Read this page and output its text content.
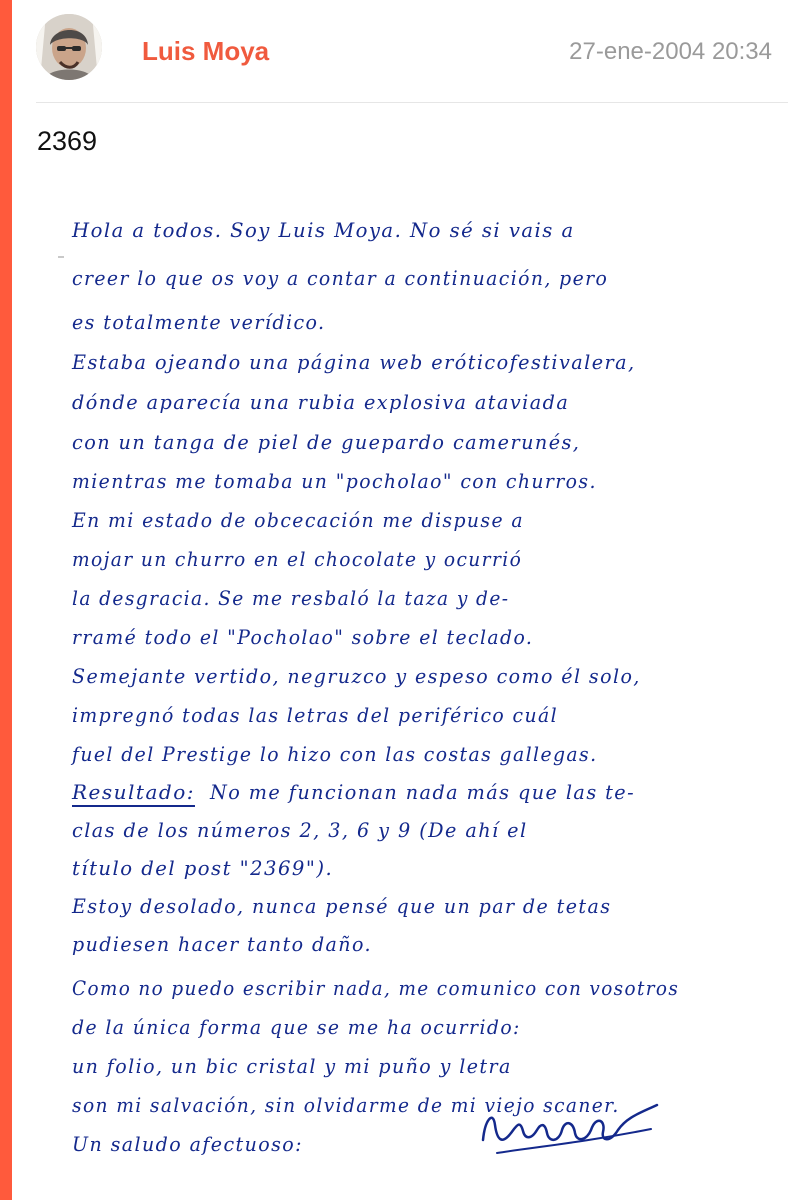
Luis Moya	27-ene-2004 20:34
2369
Hola a todos. Soy Luis Moya. No sé si vais a
creer lo que os voy a contar a continuación, pero
es totalmente verídico.
Estaba ojeando una página web eróticofestivalera,
dónde aparecía una rubia explosiva ataviada
con un tanga de piel de guepardo camerunés,
mientras me tomaba un "pocholao" con churros.
En mi estado de obcecación me dispuse a
mojar un churro en el chocolate y ocurrió
la desgracia. Se me resbaló la taza y de-
rramé todo el "Pocholao" sobre el teclado.
Semejante vertido, negruzco y espeso como él solo,
impregnó todas las letras del periférico cuál
fuel del Prestige lo hizo con las costas gallegas.
Resultado: No me funcionan nada más que las te-
clas de los números 2, 3, 6 y 9 (De ahí el
título del post "2369").
Estoy desolado, nunca pensé que un par de tetas
pudiesen hacer tanto daño.
Como no puedo escribir nada, me comunico con vosotros
de la única forma que se me ha ocurrido:
un folio, un bic cristal y mi puño y letra
son mi salvación, sin olvidarme de mi viejo scaner.
Un saludo afectuoso:
